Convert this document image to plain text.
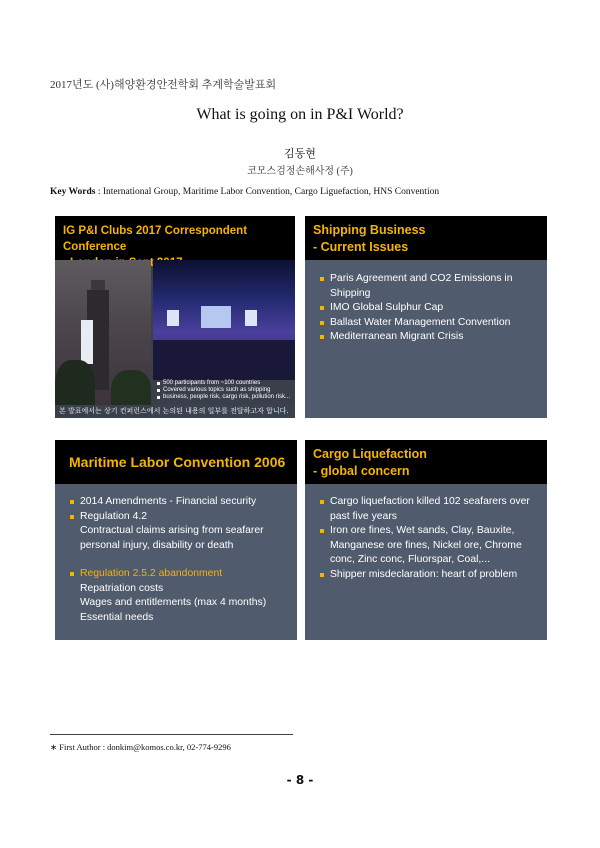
2017년도 (사)해양환경안전학회 추계학술발표회
What is going on in P&I World?
김동현
코모스검정손해사정 (주)
Key Words : International Group, Maritime Labor Convention, Cargo Liguefaction, HNS Convention
IG P&I Clubs 2017 Correspondent Conference
500 participants from ~100 countries
Covered various topics such as shipping
business, people risk, cargo risk, pollution risk...
본 발표에서는 상기 컨퍼런스에서 논의된 내용의 일부를 전달하고자 합니다.
Shipping Business
- Current Issues
Paris Agreement and CO2 Emissions in
Shipping
IMO Global Sulphur Cap
Ballast Water Management Convention
Mediterranean Migrant Crisis
Maritime Labor Convention 2006
2014 Amendments - Financial security
Regulation 4.2
Contractual claims arising from seafarer
personal injury, disability or death
Regulation 2.5.2 abandonment
Repatriation costs
Wages and entitlements (max 4 months)
Essential needs
Cargo Liquefaction
- global concern
Cargo liquefaction killed 102 seafarers over
past five years
Iron ore fines, Wet sands, Clay, Bauxite,
Manganese ore fines, Nickel ore, Chrome
conc, Zinc conc, Fluorspar, Coal,...
Shipper misdeclaration: heart of problem
∗ First Author : donkim@komos.co.kr, 02-774-9296
- 8 -
